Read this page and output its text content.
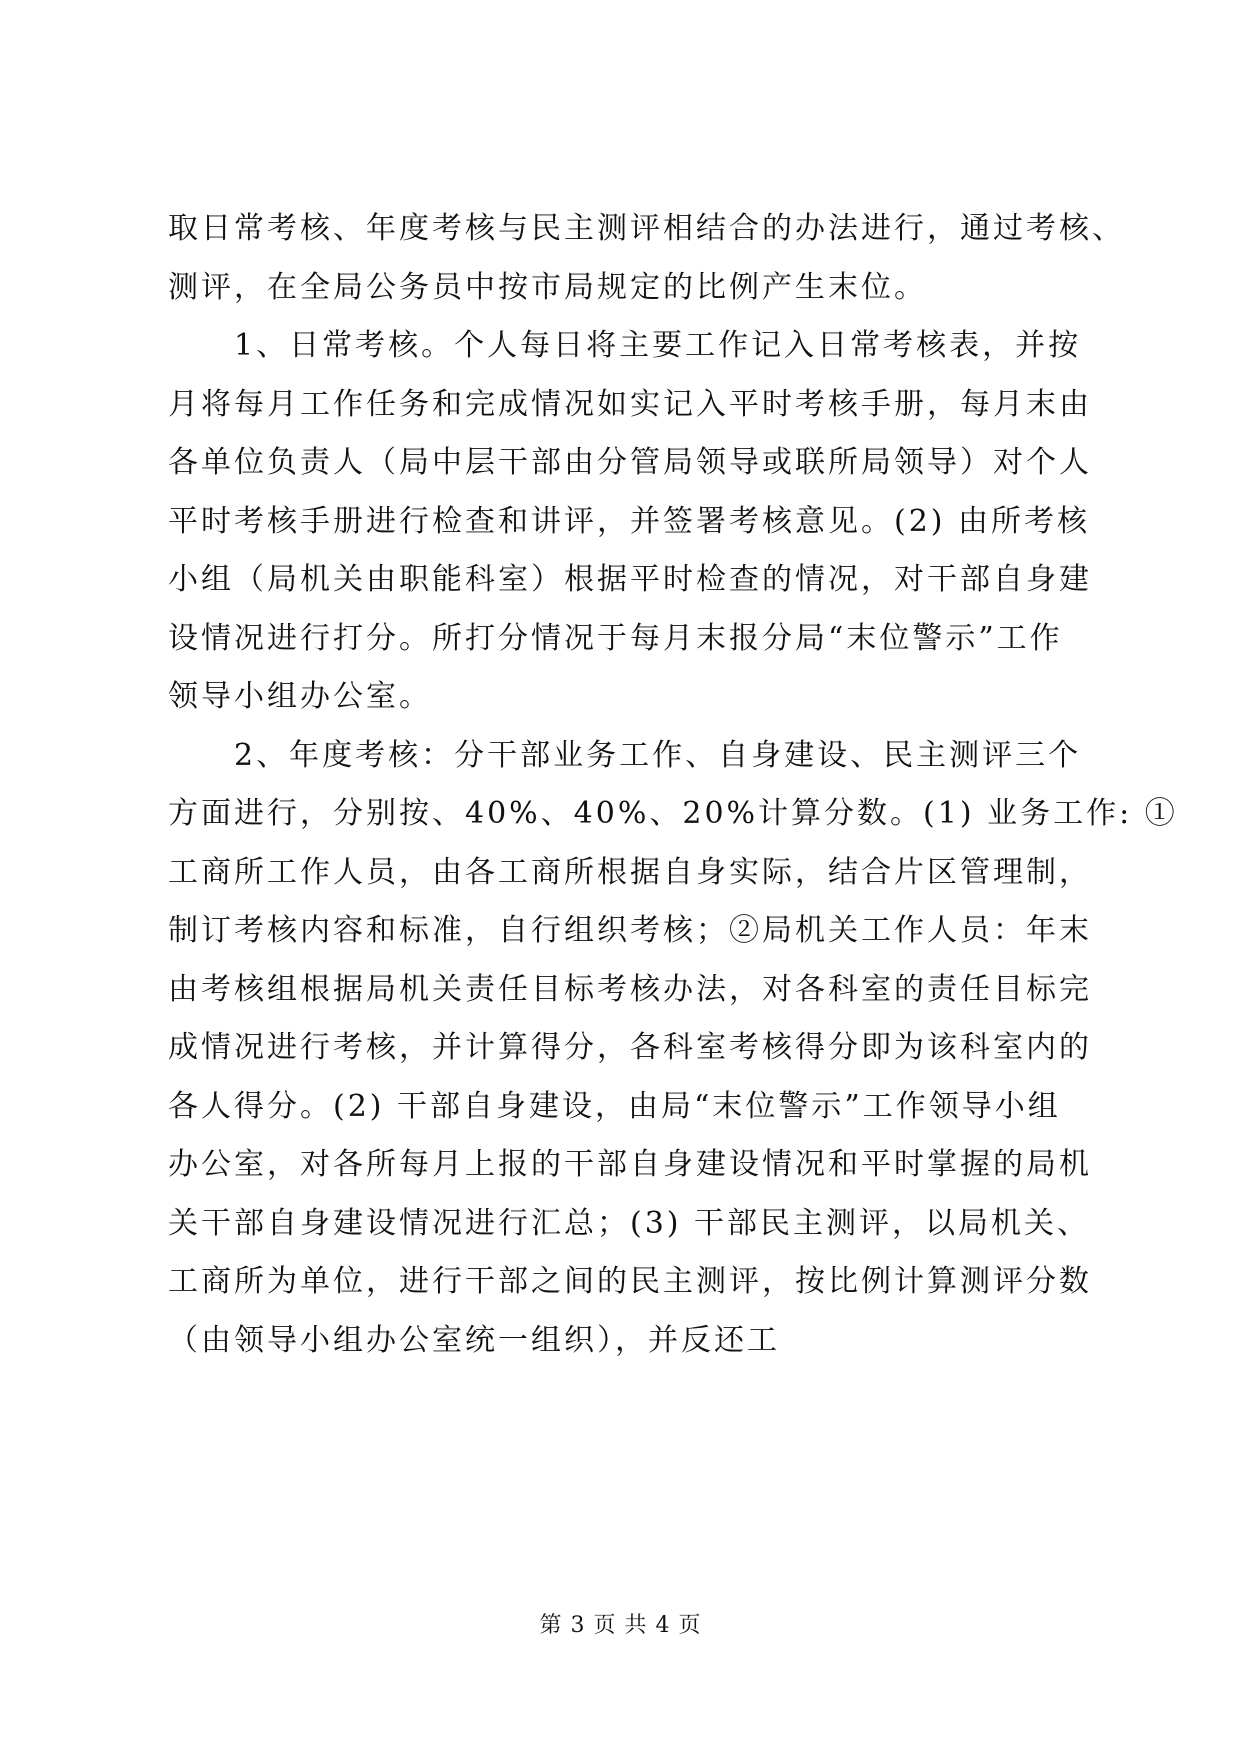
取日常考核、年度考核与民主测评相结合的办法进行，通过考核、
测评，在全局公务员中按市局规定的比例产生末位。
　　1、日常考核。个人每日将主要工作记入日常考核表，并按
月将每月工作任务和完成情况如实记入平时考核手册，每月末由
各单位负责人（局中层干部由分管局领导或联所局领导）对个人
平时考核手册进行检查和讲评，并签署考核意见。(2) 由所考核
小组（局机关由职能科室）根据平时检查的情况，对干部自身建
设情况进行打分。所打分情况于每月末报分局“末位警示”工作
领导小组办公室。
　　2、年度考核：分干部业务工作、自身建设、民主测评三个
方面进行，分别按、40%、40%、20%计算分数。(1) 业务工作: ①
工商所工作人员，由各工商所根据自身实际，结合片区管理制，
制订考核内容和标准，自行组织考核；②局机关工作人员：年末
由考核组根据局机关责任目标考核办法，对各科室的责任目标完
成情况进行考核，并计算得分，各科室考核得分即为该科室内的
各人得分。(2) 干部自身建设，由局“末位警示”工作领导小组
办公室，对各所每月上报的干部自身建设情况和平时掌握的局机
关干部自身建设情况进行汇总；(3) 干部民主测评，以局机关、
工商所为单位，进行干部之间的民主测评，按比例计算测评分数
（由领导小组办公室统一组织），并反还工
第 3 页 共 4 页
